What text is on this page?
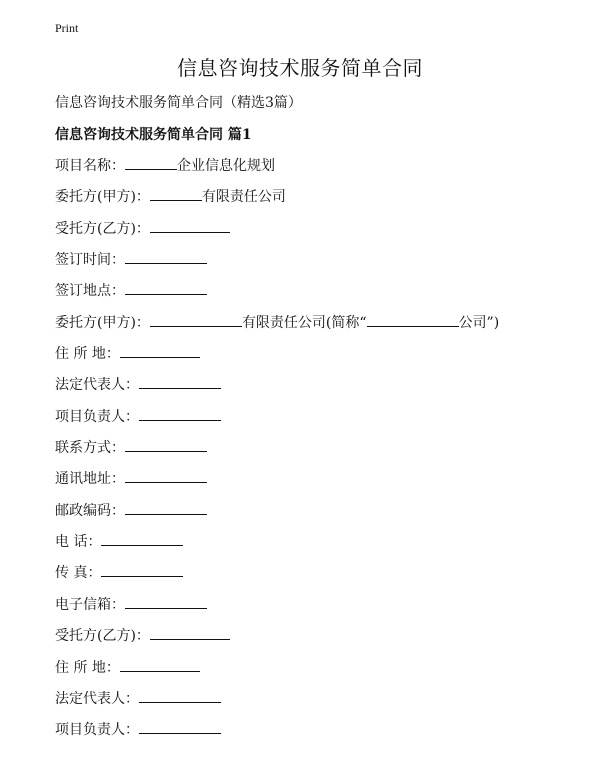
Print
信息咨询技术服务简单合同

信息咨询技术服务简单合同（精选3篇）

信息咨询技术服务简单合同 篇1

项目名称：	企业信息化规划
委托方(甲方)：	有限责任公司
受托方(乙方)：
签订时间：
签订地点：
委托方(甲方)：	有限责任公司(简称“	公司”)
住 所 地：
法定代表人：
项目负责人：
联系方式：
通讯地址：
邮政编码：
电 话：
传 真：
电子信箱：
受托方(乙方)：
住 所 地：
法定代表人：
项目负责人：
